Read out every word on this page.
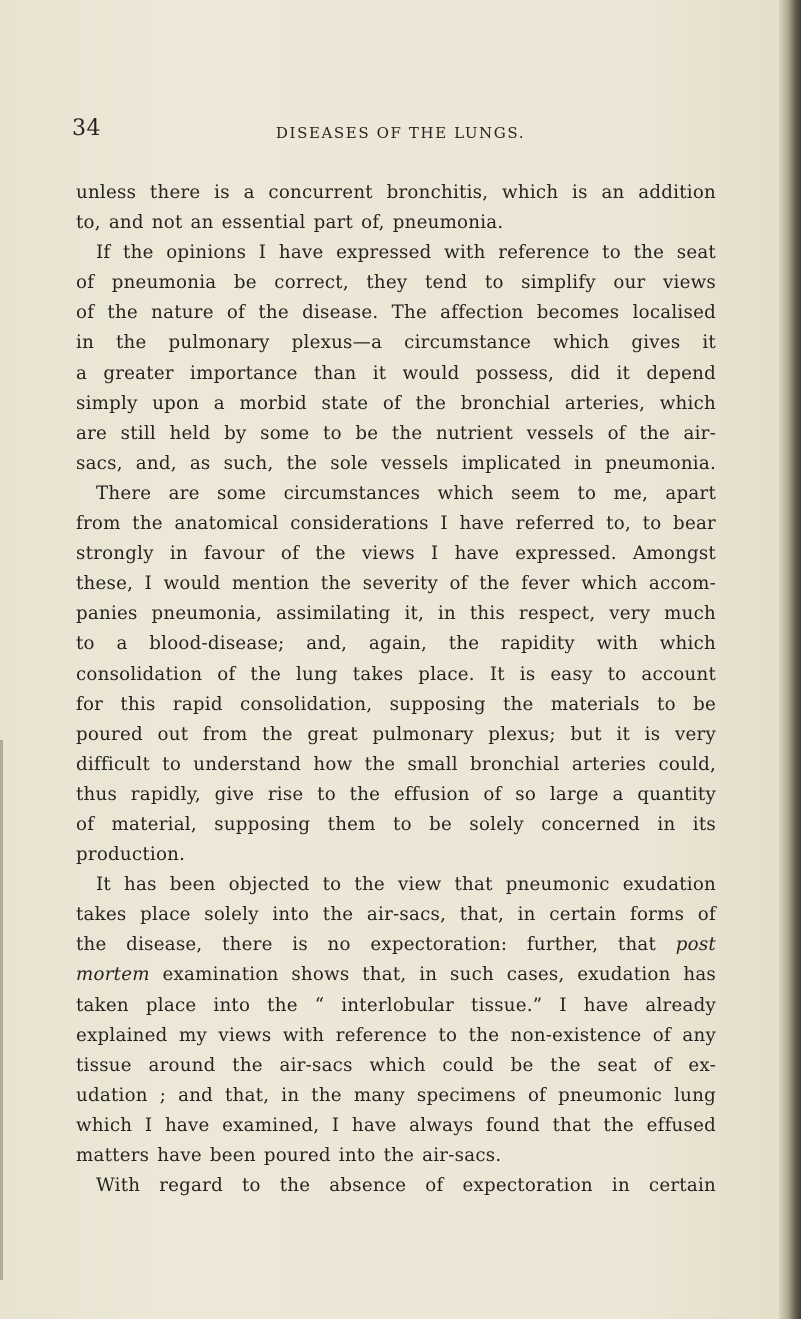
34	DISEASES OF THE LUNGS.
unless there is a concurrent bronchitis, which is an addition
to, and not an essential part of, pneumonia.
If the opinions I have expressed with reference to the seat
of pneumonia be correct, they tend to simplify our views
of the nature of the disease. The affection becomes localised
in the pulmonary plexus—a circumstance which gives it
a greater importance than it would possess, did it depend
simply upon a morbid state of the bronchial arteries, which
are still held by some to be the nutrient vessels of the air-
sacs, and, as such, the sole vessels implicated in pneumonia.
There are some circumstances which seem to me, apart
from the anatomical considerations I have referred to, to bear
strongly in favour of the views I have expressed. Amongst
these, I would mention the severity of the fever which accom-
panies pneumonia, assimilating it, in this respect, very much
to a blood-disease; and, again, the rapidity with which
consolidation of the lung takes place. It is easy to account
for this rapid consolidation, supposing the materials to be
poured out from the great pulmonary plexus; but it is very
difficult to understand how the small bronchial arteries could,
thus rapidly, give rise to the effusion of so large a quantity
of material, supposing them to be solely concerned in its
production.
It has been objected to the view that pneumonic exudation
takes place solely into the air-sacs, that, in certain forms of
the disease, there is no expectoration: further, that post
mortem examination shows that, in such cases, exudation has
taken place into the “ interlobular tissue.” I have already
explained my views with reference to the non-existence of any
tissue around the air-sacs which could be the seat of ex-
udation ; and that, in the many specimens of pneumonic lung
which I have examined, I have always found that the effused
matters have been poured into the air-sacs.
With regard to the absence of expectoration in certain
